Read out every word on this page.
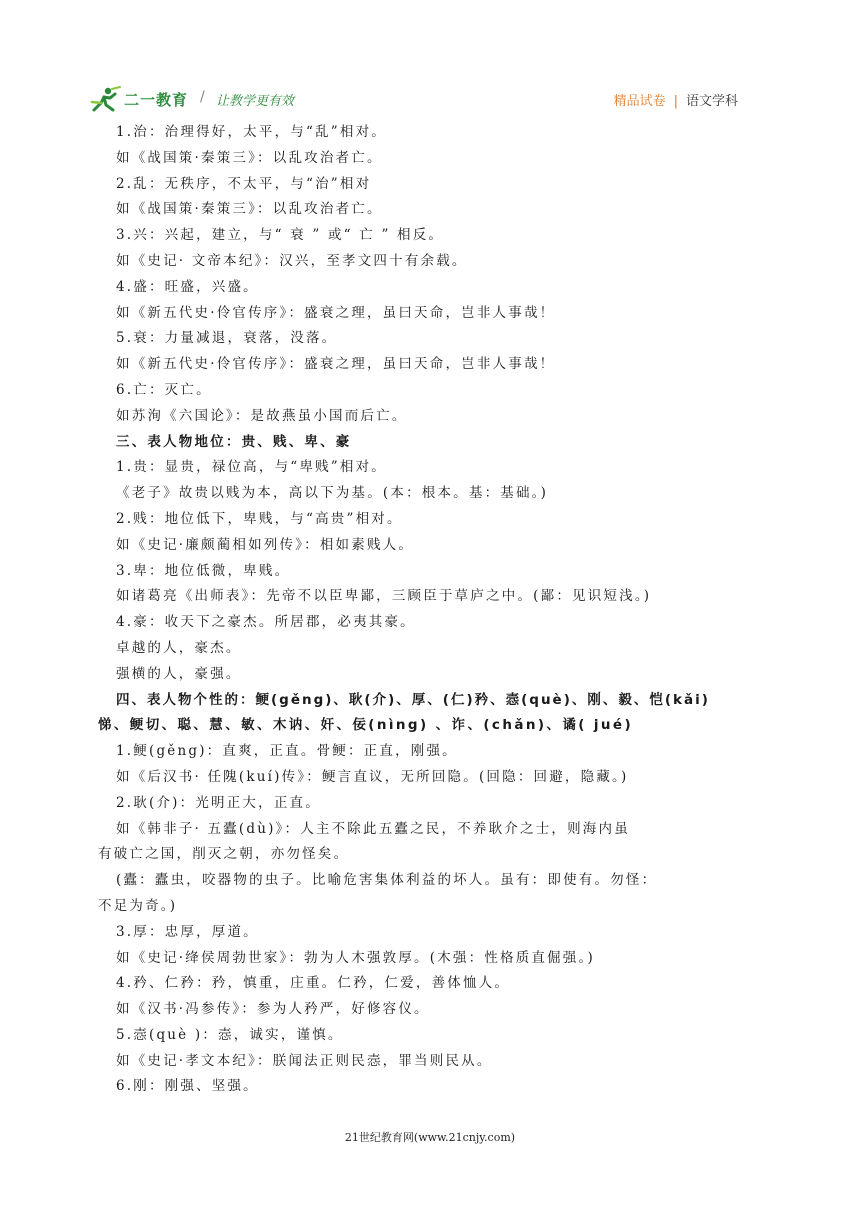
二一教育 / 让教学更有效	精品试卷 | 语文学科
1.治：治理得好，太平，与“乱”相对。
如《战国策·秦策三》：以乱攻治者亡。
2.乱：无秩序，不太平，与“治”相对
如《战国策·秦策三》：以乱攻治者亡。
3.兴：兴起，建立，与“ 衰 ” 或“ 亡 ” 相反。
如《史记· 文帝本纪》：汉兴，至孝文四十有余载。
4.盛：旺盛，兴盛。
如《新五代史·伶官传序》：盛衰之理，虽曰天命，岂非人事哉！
5.衰：力量减退，衰落，没落。
如《新五代史·伶官传序》：盛衰之理，虽曰天命，岂非人事哉！
6.亡：灭亡。
如苏洵《六国论》：是故燕虽小国而后亡。
三、表人物地位：贵、贱、卑、豪
1.贵：显贵，禄位高，与“卑贱”相对。
《老子》故贵以贱为本，高以下为基。(本：根本。基：基础。)
2.贱：地位低下，卑贱，与“高贵”相对。
如《史记·廉颇蔺相如列传》：相如素贱人。
3.卑：地位低微，卑贱。
如诸葛亮《出师表》：先帝不以臣卑鄙，三顾臣于草庐之中。(鄙：见识短浅。)
4.豪：收天下之豪杰。所居郡，必夷其豪。
卓越的人，豪杰。
强横的人，豪强。
四、表人物个性的：鲠(gěng)、耿(介)、厚、(仁)矜、悫(què)、刚、毅、恺(kǎi)
悌、鲠切、聪、慧、敏、木讷、奸、佞(nìng) 、诈、(chǎn)、谲( jué)
1.鲠(gěng)：直爽，正直。骨鲠：正直，刚强。
如《后汉书· 任隗(kuí)传》：鲠言直议，无所回隐。(回隐：回避，隐藏。)
2.耿(介)：光明正大，正直。
如《韩非子· 五蠹(dù)》：人主不除此五蠹之民，不养耿介之士，则海内虽
有破亡之国，削灭之朝，亦勿怪矣。
(蠹：蠹虫，咬器物的虫子。比喻危害集体利益的坏人。虽有：即使有。勿怪：
不足为奇。)
3.厚：忠厚，厚道。
如《史记·绛侯周勃世家》：勃为人木强敦厚。(木强：性格质直倔强。)
4.矜、仁矜：矜，慎重，庄重。仁矜，仁爱，善体恤人。
如《汉书·冯参传》：参为人矜严，好修容仪。
5.悫(què )：悫，诚实，谨慎。
如《史记·孝文本纪》：朕闻法正则民悫，罪当则民从。
6.刚：刚强、坚强。
21世纪教育网(www.21cnjy.com)
